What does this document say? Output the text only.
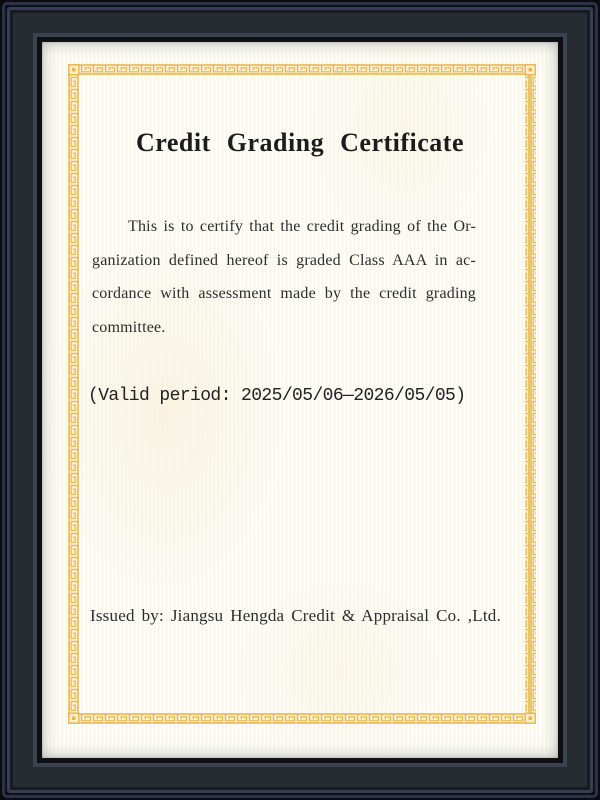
Credit Grading Certificate
This is to certify that the credit grading of the Or-
ganization defined hereof is graded Class AAA in ac-
cordance with assessment made by the credit grading
committee.
(Valid period: 2025/05/06—2026/05/05)
Issued by: Jiangsu Hengda Credit & Appraisal Co. ,Ltd.
